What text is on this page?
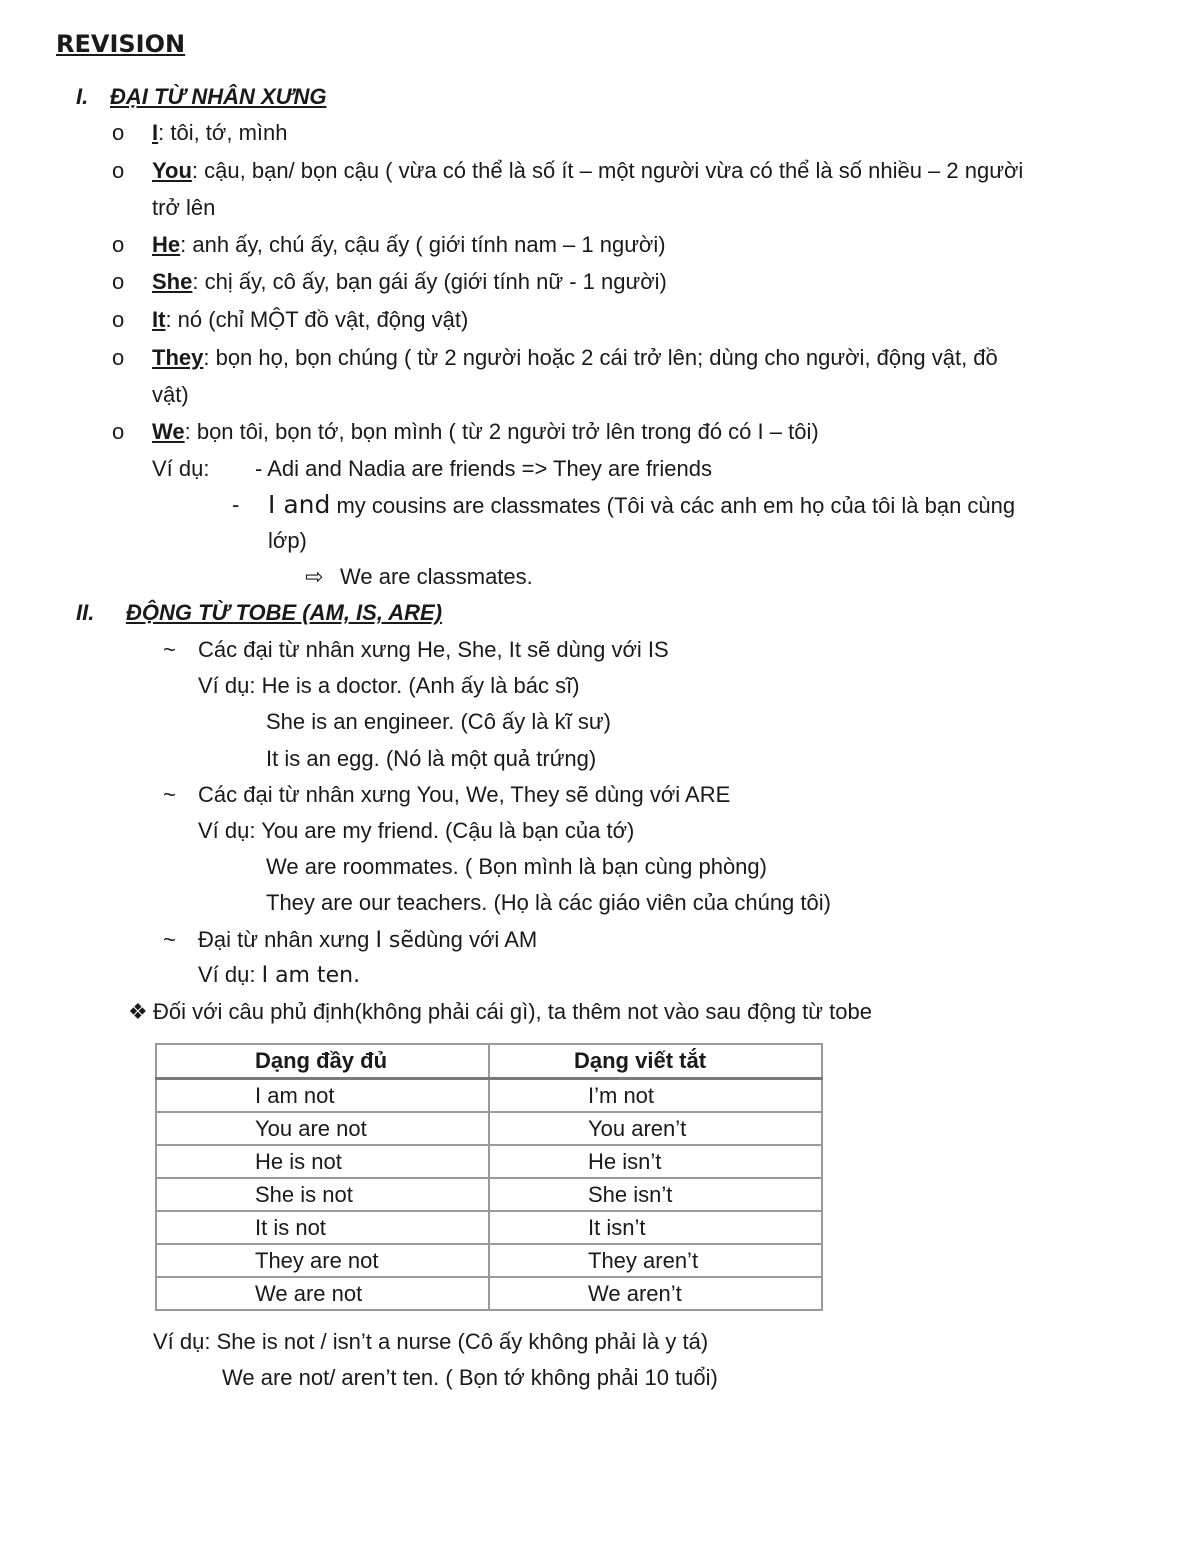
REVISION
I. ĐẠI TỪ NHÂN XƯNG
o I: tôi, tớ, mình
o You: cậu, bạn/ bọn cậu ( vừa có thể là số ít – một người vừa có thể là số nhiều – 2 người
trở lên
o He: anh ấy, chú ấy, cậu ấy ( giới tính nam – 1 người)
o She: chị ấy, cô ấy, bạn gái ấy (giới tính nữ - 1 người)
o It: nó (chỉ MỘT đồ vật, động vật)
o They: bọn họ, bọn chúng ( từ 2 người hoặc 2 cái trở lên; dùng cho người, động vật, đồ
vật)
o We: bọn tôi, bọn tớ, bọn mình ( từ 2 người trở lên trong đó có I – tôi)
Ví dụ: - Adi and Nadia are friends => They are friends
- I and my cousins are classmates (Tôi và các anh em họ của tôi là bạn cùng
lớp)
⇨ We are classmates.
II. ĐỘNG TỪ TOBE (AM, IS, ARE)
~ Các đại từ nhân xưng He, She, It sẽ dùng với IS
Ví dụ: He is a doctor. (Anh ấy là bác sĩ)
She is an engineer. (Cô ấy là kĩ sư)
It is an egg. (Nó là một quả trứng)
~ Các đại từ nhân xưng You, We, They sẽ dùng với ARE
Ví dụ: You are my friend. (Cậu là bạn của tớ)
We are roommates. ( Bọn mình là bạn cùng phòng)
They are our teachers. (Họ là các giáo viên của chúng tôi)
~ Đại từ nhân xưng I sẽdùng với AM
Ví dụ: I am ten.
❖ Đối với câu phủ định(không phải cái gì), ta thêm not vào sau động từ tobe
Dạng đầy đủ	Dạng viết tắt
I am not	I’m not
You are not	You aren’t
He is not	He isn’t
She is not	She isn’t
It is not	It isn’t
They are not	They aren’t
We are not	We aren’t
Ví dụ: She is not / isn’t a nurse (Cô ấy không phải là y tá)
We are not/ aren’t ten. ( Bọn tớ không phải 10 tuổi)
